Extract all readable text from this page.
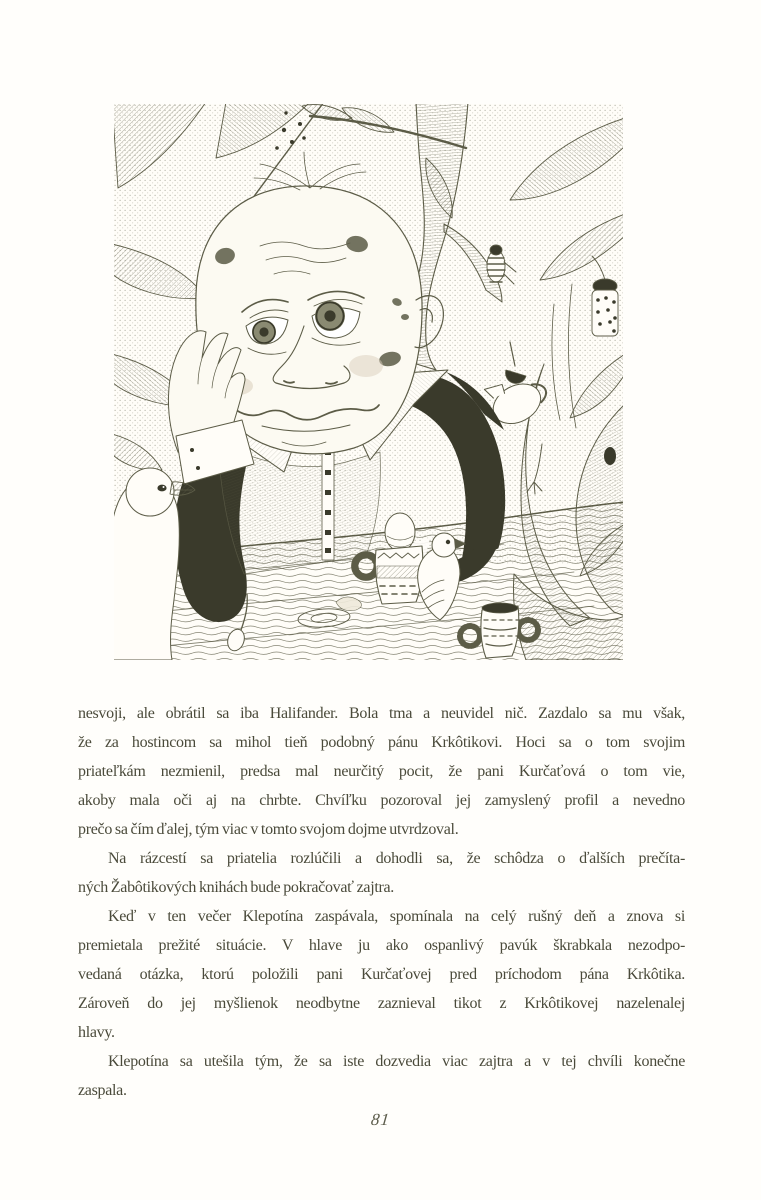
nesvoji, ale obrátil sa iba Halifander. Bola tma a neuvidel nič. Zazdalo sa mu však,
že za hostincom sa mihol tieň podobný pánu Krkôtikovi. Hoci sa o tom svojim
priateľkám nezmienil, predsa mal neurčitý pocit, že pani Kurčaťová o tom vie,
akoby mala oči aj na chrbte. Chvíľku pozoroval jej zamyslený profil a nevedno
prečo sa čím ďalej, tým viac v tomto svojom dojme utvrdzoval.
Na rázcestí sa priatelia rozlúčili a dohodli sa, že schôdza o ďalších prečíta-
ných Žabôtikových knihách bude pokračovať zajtra.
Keď v ten večer Klepotína zaspávala, spomínala na celý rušný deň a znova si
premietala prežité situácie. V hlave ju ako ospanlivý pavúk škrabkala nezodpo-
vedaná otázka, ktorú položili pani Kurčaťovej pred príchodom pána Krkôtika.
Zároveň do jej myšlienok neodbytne zaznieval tikot z Krkôtikovej nazelenalej
hlavy.
Klepotína sa utešila tým, že sa iste dozvedia viac zajtra a v tej chvíli konečne
zaspala.
81
